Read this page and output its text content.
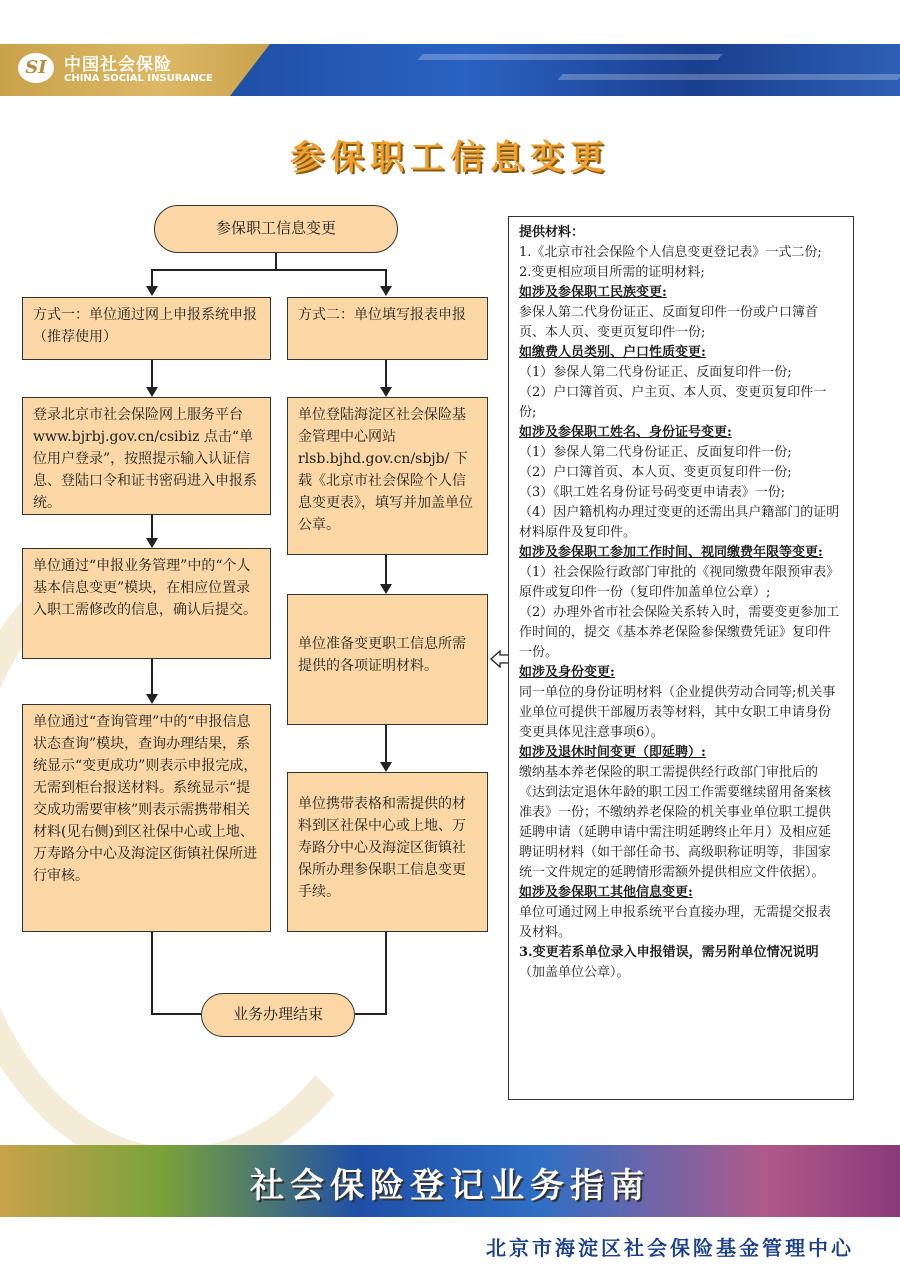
SI	中国社会保险
CHINA SOCIAL INSURANCE
参保职工信息变更
参保职工信息变更
方式一：单位通过网上申报系统申报（推荐使用）
登录北京市社会保险网上服务平台 www.bjrbj.gov.cn/csibiz 点击“单位用户登录”，按照提示输入认证信息、登陆口令和证书密码进入申报系统。
单位通过“申报业务管理”中的“个人基本信息变更”模块，在相应位置录入职工需修改的信息，确认后提交。
单位通过“查询管理”中的“申报信息状态查询”模块，查询办理结果，系统显示“变更成功”则表示申报完成，无需到柜台报送材料。系统显示“提交成功需要审核”则表示需携带相关材料(见右侧)到区社保中心或上地、万寿路分中心及海淀区街镇社保所进行审核。
方式二：单位填写报表申报
单位登陆海淀区社会保险基金管理中心网站 rlsb.bjhd.gov.cn/sbjb/ 下载《北京市社会保险个人信息变更表》，填写并加盖单位公章。
单位准备变更职工信息所需提供的各项证明材料。
单位携带表格和需提供的材料到区社保中心或上地、万寿路分中心及海淀区街镇社保所办理参保职工信息变更手续。
业务办理结束

提供材料：

1.《北京市社会保险个人信息变更登记表》一式二份;

2.变更相应项目所需的证明材料;

如涉及参保职工民族变更:

参保人第二代身份证正、反面复印件一份或户口簿首页、本人页、变更页复印件一份;

如缴费人员类别、户口性质变更:

（1）参保人第二代身份证正、反面复印件一份;

（2）户口簿首页、户主页、本人页、变更页复印件一份;

如涉及参保职工姓名、身份证号变更:

（1）参保人第二代身份证正、反面复印件一份;

（2）户口簿首页、本人页、变更页复印件一份;

（3）《职工姓名身份证号码变更申请表》一份;

（4）因户籍机构办理过变更的还需出具户籍部门的证明材料原件及复印件。

如涉及参保职工参加工作时间、视同缴费年限等变更:

（1）社会保险行政部门审批的《视同缴费年限预审表》原件或复印件一份（复印件加盖单位公章）;

（2）办理外省市社会保险关系转入时，需要变更参加工作时间的，提交《基本养老保险参保缴费凭证》复印件一份。

如涉及身份变更:

同一单位的身份证明材料（企业提供劳动合同等;机关事业单位可提供干部履历表等材料，其中女职工申请身份变更具体见注意事项6）。

如涉及退休时间变更（即延聘）:

缴纳基本养老保险的职工需提供经行政部门审批后的《达到法定退休年龄的职工因工作需要继续留用备案核准表》一份；不缴纳养老保险的机关事业单位职工提供延聘申请（延聘申请中需注明延聘终止年月）及相应延聘证明材料（如干部任命书、高级职称证明等，非国家统一文件规定的延聘情形需额外提供相应文件依据）。

如涉及参保职工其他信息变更:

单位可通过网上申报系统平台直接办理，无需提交报表及材料。

3.变更若系单位录入申报错误，需另附单位情况说明（加盖单位公章）。

社会保险登记业务指南
北京市海淀区社会保险基金管理中心
